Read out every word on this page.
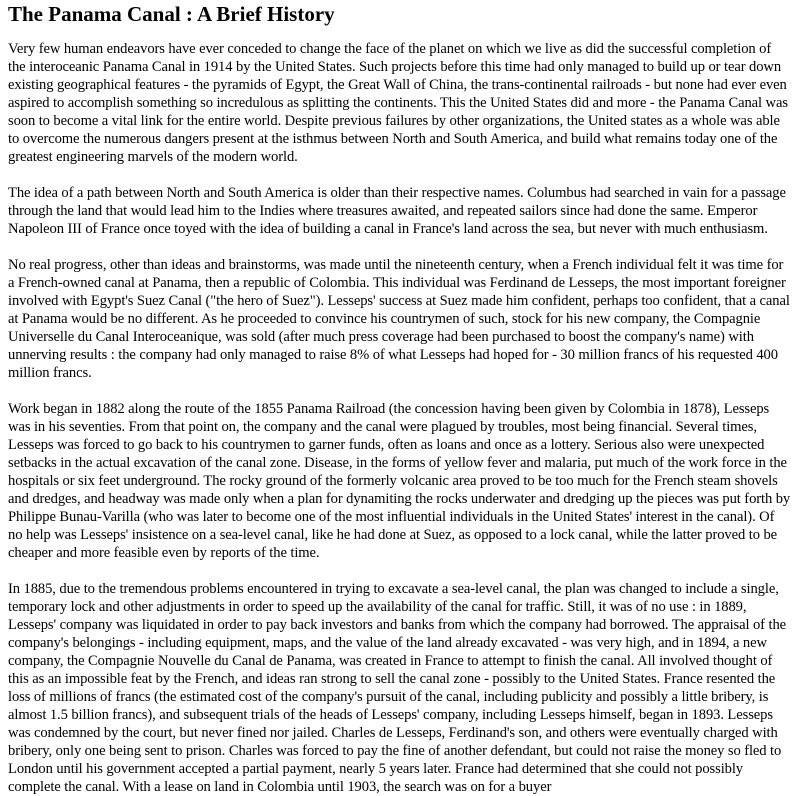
The Panama Canal : A Brief History

Very few human endeavors have ever conceded to change the face of the planet on which we live as did the successful completion of the interoceanic Panama Canal in 1914 by the United States. Such projects before this time had only managed to build up or tear down existing geographical features - the pyramids of Egypt, the Great Wall of China, the trans-continental railroads - but none had ever even aspired to accomplish something so incredulous as splitting the continents. This the United States did and more - the Panama Canal was soon to become a vital link for the entire world. Despite previous failures by other organizations, the United states as a whole was able to overcome the numerous dangers present at the isthmus between North and South America, and build what remains today one of the greatest engineering marvels of the modern world.

The idea of a path between North and South America is older than their respective names. Columbus had searched in vain for a passage through the land that would lead him to the Indies where treasures awaited, and repeated sailors since had done the same. Emperor Napoleon III of France once toyed with the idea of building a canal in France's land across the sea, but never with much enthusiasm.

No real progress, other than ideas and brainstorms, was made until the nineteenth century, when a French individual felt it was time for a French-owned canal at Panama, then a republic of Colombia. This individual was Ferdinand de Lesseps, the most important foreigner involved with Egypt's Suez Canal ("the hero of Suez"). Lesseps' success at Suez made him confident, perhaps too confident, that a canal at Panama would be no different. As he proceeded to convince his countrymen of such, stock for his new company, the Compagnie Universelle du Canal Interoceanique, was sold (after much press coverage had been purchased to boost the company's name) with unnerving results : the company had only managed to raise 8% of what Lesseps had hoped for - 30 million francs of his requested 400 million francs.

Work began in 1882 along the route of the 1855 Panama Railroad (the concession having been given by Colombia in 1878), Lesseps was in his seventies. From that point on, the company and the canal were plagued by troubles, most being financial. Several times, Lesseps was forced to go back to his countrymen to garner funds, often as loans and once as a lottery. Serious also were unexpected setbacks in the actual excavation of the canal zone. Disease, in the forms of yellow fever and malaria, put much of the work force in the hospitals or six feet underground. The rocky ground of the formerly volcanic area proved to be too much for the French steam shovels and dredges, and headway was made only when a plan for dynamiting the rocks underwater and dredging up the pieces was put forth by Philippe Bunau-Varilla (who was later to become one of the most influential individuals in the United States' interest in the canal). Of no help was Lesseps' insistence on a sea-level canal, like he had done at Suez, as opposed to a lock canal, while the latter proved to be cheaper and more feasible even by reports of the time.

In 1885, due to the tremendous problems encountered in trying to excavate a sea-level canal, the plan was changed to include a single, temporary lock and other adjustments in order to speed up the availability of the canal for traffic. Still, it was of no use : in 1889, Lesseps' company was liquidated in order to pay back investors and banks from which the company had borrowed. The appraisal of the company's belongings - including equipment, maps, and the value of the land already excavated - was very high, and in 1894, a new company, the Compagnie Nouvelle du Canal de Panama, was created in France to attempt to finish the canal. All involved thought of this as an impossible feat by the French, and ideas ran strong to sell the canal zone - possibly to the United States. France resented the loss of millions of francs (the estimated cost of the company's pursuit of the canal, including publicity and possibly a little bribery, is almost 1.5 billion francs), and subsequent trials of the heads of Lesseps' company, including Lesseps himself, began in 1893. Lesseps was condemned by the court, but never fined nor jailed. Charles de Lesseps, Ferdinand's son, and others were eventually charged with bribery, only one being sent to prison. Charles was forced to pay the fine of another defendant, but could not raise the money so fled to London until his government accepted a partial payment, nearly 5 years later. France had determined that she could not possibly complete the canal. With a lease on land in Colombia until 1903, the search was on for a buyer
